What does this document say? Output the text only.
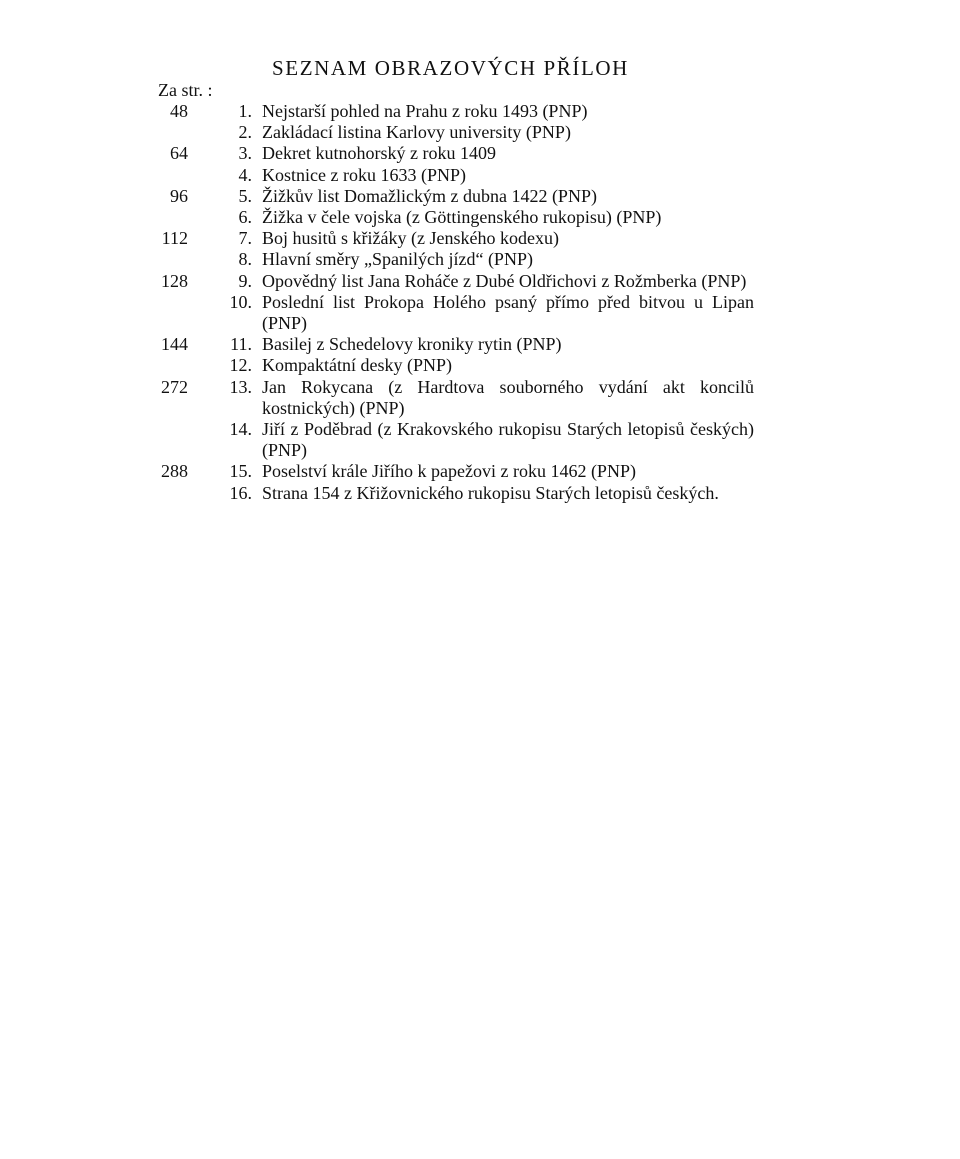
SEZNAM OBRAZOVÝCH PŘÍLOH
Za str. :
48	1. Nejstarší pohled na Prahu z roku 1493 (PNP)
2. Zakládací listina Karlovy university (PNP)
64	3. Dekret kutnohorský z roku 1409
4. Kostnice z roku 1633 (PNP)
96	5. Žižkův list Domažlickým z dubna 1422 (PNP)
6. Žižka v čele vojska (z Göttingenského rukopisu) (PNP)
112	7. Boj husitů s křižáky (z Jenského kodexu)
8. Hlavní směry „Spanilých jízd“ (PNP)
128	9. Opovědný list Jana Roháče z Dubé Oldřichovi z Rožmberka (PNP)
10. Poslední list Prokopa Holého psaný přímo před bitvou u Lipan (PNP)
144	11. Basilej z Schedelovy kroniky rytin (PNP)
12. Kompaktátní desky (PNP)
272	13. Jan Rokycana (z Hardtova souborného vydání akt koncilů kostnických) (PNP)
14. Jiří z Poděbrad (z Krakovského rukopisu Starých letopisů českých) (PNP)
288	15. Poselství krále Jiřího k papežovi z roku 1462 (PNP)
16. Strana 154 z Křižovnického rukopisu Starých letopisů českých.
